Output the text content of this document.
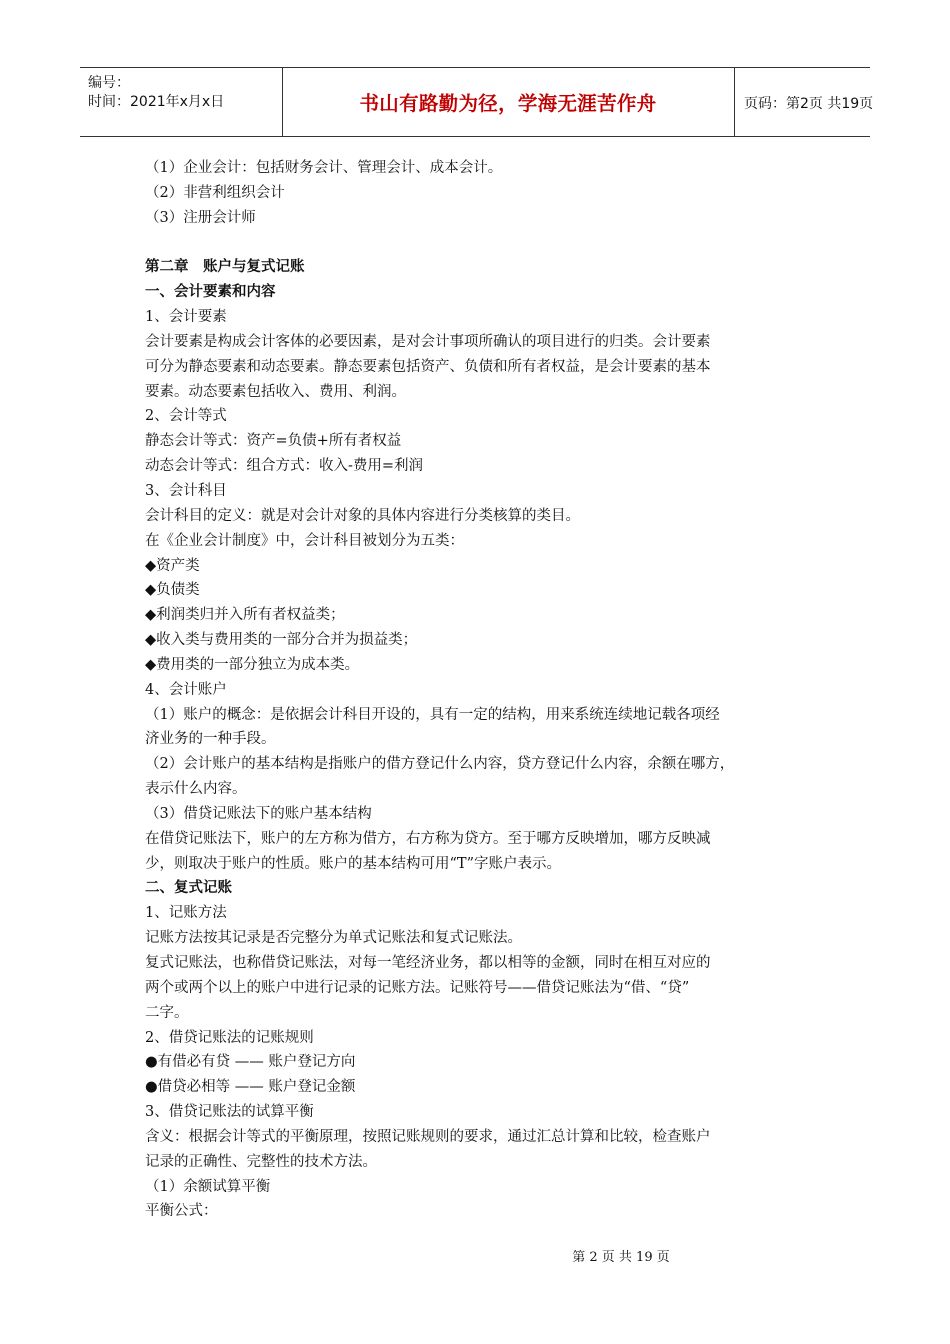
编号：
时间：2021年x月x日	书山有路勤为径，学海无涯苦作舟	页码：第2页 共19页
（1）企业会计：包括财务会计、管理会计、成本会计。
（2）非营利组织会计
（3）注册会计师
第二章　账户与复式记账
一、会计要素和内容
1、会计要素
会计要素是构成会计客体的必要因素，是对会计事项所确认的项目进行的归类。会计要素
可分为静态要素和动态要素。静态要素包括资产、负债和所有者权益，是会计要素的基本
要素。动态要素包括收入、费用、利润。
2、会计等式
静态会计等式：资产=负债+所有者权益
动态会计等式：组合方式：收入-费用=利润
3、会计科目
会计科目的定义：就是对会计对象的具体内容进行分类核算的类目。
在《企业会计制度》中，会计科目被划分为五类：
◆资产类
◆负债类
◆利润类归并入所有者权益类；
◆收入类与费用类的一部分合并为损益类；
◆费用类的一部分独立为成本类。
4、会计账户
（1）账户的概念：是依据会计科目开设的，具有一定的结构，用来系统连续地记载各项经
济业务的一种手段。
（2）会计账户的基本结构是指账户的借方登记什么内容，贷方登记什么内容，余额在哪方，
表示什么内容。
（3）借贷记账法下的账户基本结构
在借贷记账法下，账户的左方称为借方，右方称为贷方。至于哪方反映增加，哪方反映减
少，则取决于账户的性质。账户的基本结构可用“T”字账户表示。
二、复式记账
1、记账方法
记账方法按其记录是否完整分为单式记账法和复式记账法。
复式记账法，也称借贷记账法，对每一笔经济业务，都以相等的金额，同时在相互对应的
两个或两个以上的账户中进行记录的记账方法。记账符号——借贷记账法为“借、“贷”
二字。
2、借贷记账法的记账规则
●有借必有贷 —— 账户登记方向
●借贷必相等 —— 账户登记金额
3、借贷记账法的试算平衡
含义：根据会计等式的平衡原理，按照记账规则的要求，通过汇总计算和比较，检查账户
记录的正确性、完整性的技术方法。
（1）余额试算平衡
平衡公式：
第 2 页 共 19 页
